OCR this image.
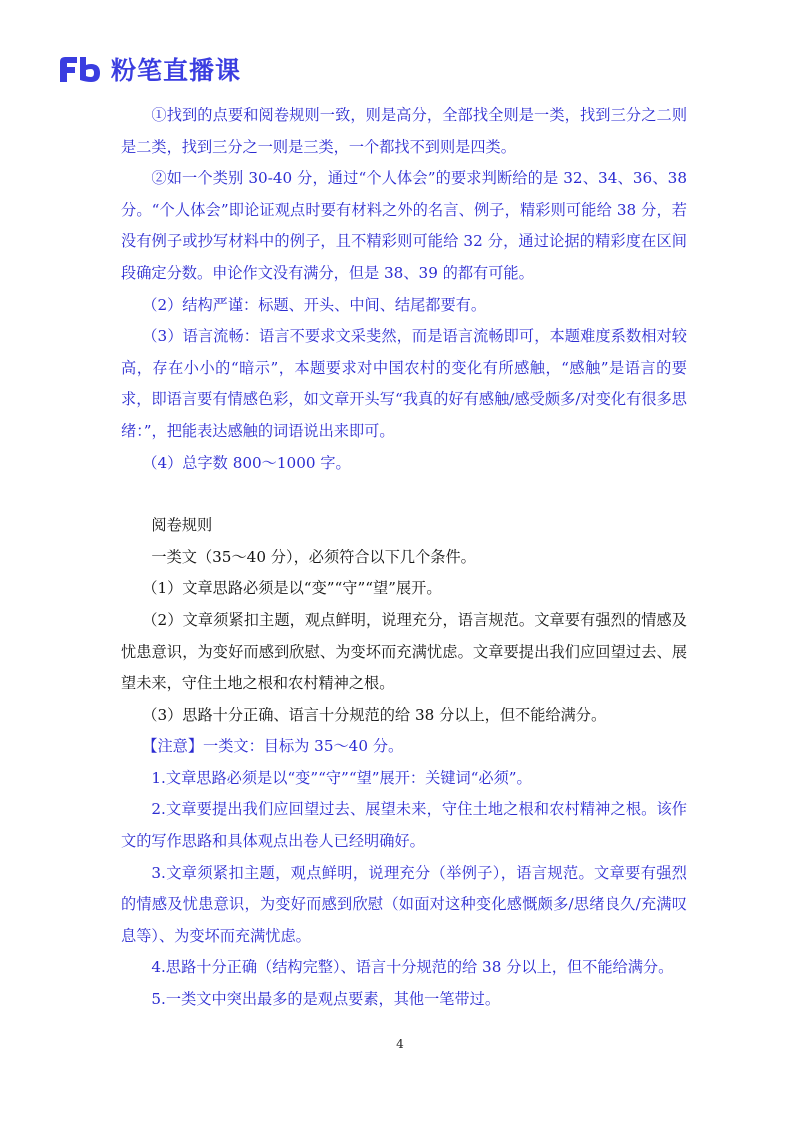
粉笔直播课

①找到的点要和阅卷规则一致，则是高分，全部找全则是一类，找到三分之二则是二类，找到三分之一则是三类，一个都找不到则是四类。

②如一个类别 30-40 分，通过“个人体会”的要求判断给的是 32、34、36、38 分。“个人体会”即论证观点时要有材料之外的名言、例子，精彩则可能给 38 分，若没有例子或抄写材料中的例子，且不精彩则可能给 32 分，通过论据的精彩度在区间段确定分数。申论作文没有满分，但是 38、39 的都有可能。

（2）结构严谨：标题、开头、中间、结尾都要有。

（3）语言流畅：语言不要求文采斐然，而是语言流畅即可，本题难度系数相对较高，存在小小的“暗示”，本题要求对中国农村的变化有所感触，“感触”是语言的要求，即语言要有情感色彩，如文章开头写“我真的好有感触/感受颇多/对变化有很多思绪：”，把能表达感触的词语说出来即可。

（4）总字数 800～1000 字。

阅卷规则

一类文（35～40 分），必须符合以下几个条件。

（1）文章思路必须是以“变”“守”“望”展开。

（2）文章须紧扣主题，观点鲜明，说理充分，语言规范。文章要有强烈的情感及忧患意识，为变好而感到欣慰、为变坏而充满忧虑。文章要提出我们应回望过去、展望未来，守住土地之根和农村精神之根。

（3）思路十分正确、语言十分规范的给 38 分以上，但不能给满分。

【注意】一类文：目标为 35～40 分。

1.文章思路必须是以“变”“守”“望”展开：关键词“必须”。

2.文章要提出我们应回望过去、展望未来，守住土地之根和农村精神之根。该作文的写作思路和具体观点出卷人已经明确好。

3.文章须紧扣主题，观点鲜明，说理充分（举例子），语言规范。文章要有强烈的情感及忧患意识，为变好而感到欣慰（如面对这种变化感慨颇多/思绪良久/充满叹息等）、为变坏而充满忧虑。

4.思路十分正确（结构完整）、语言十分规范的给 38 分以上，但不能给满分。

5.一类文中突出最多的是观点要素，其他一笔带过。

4
